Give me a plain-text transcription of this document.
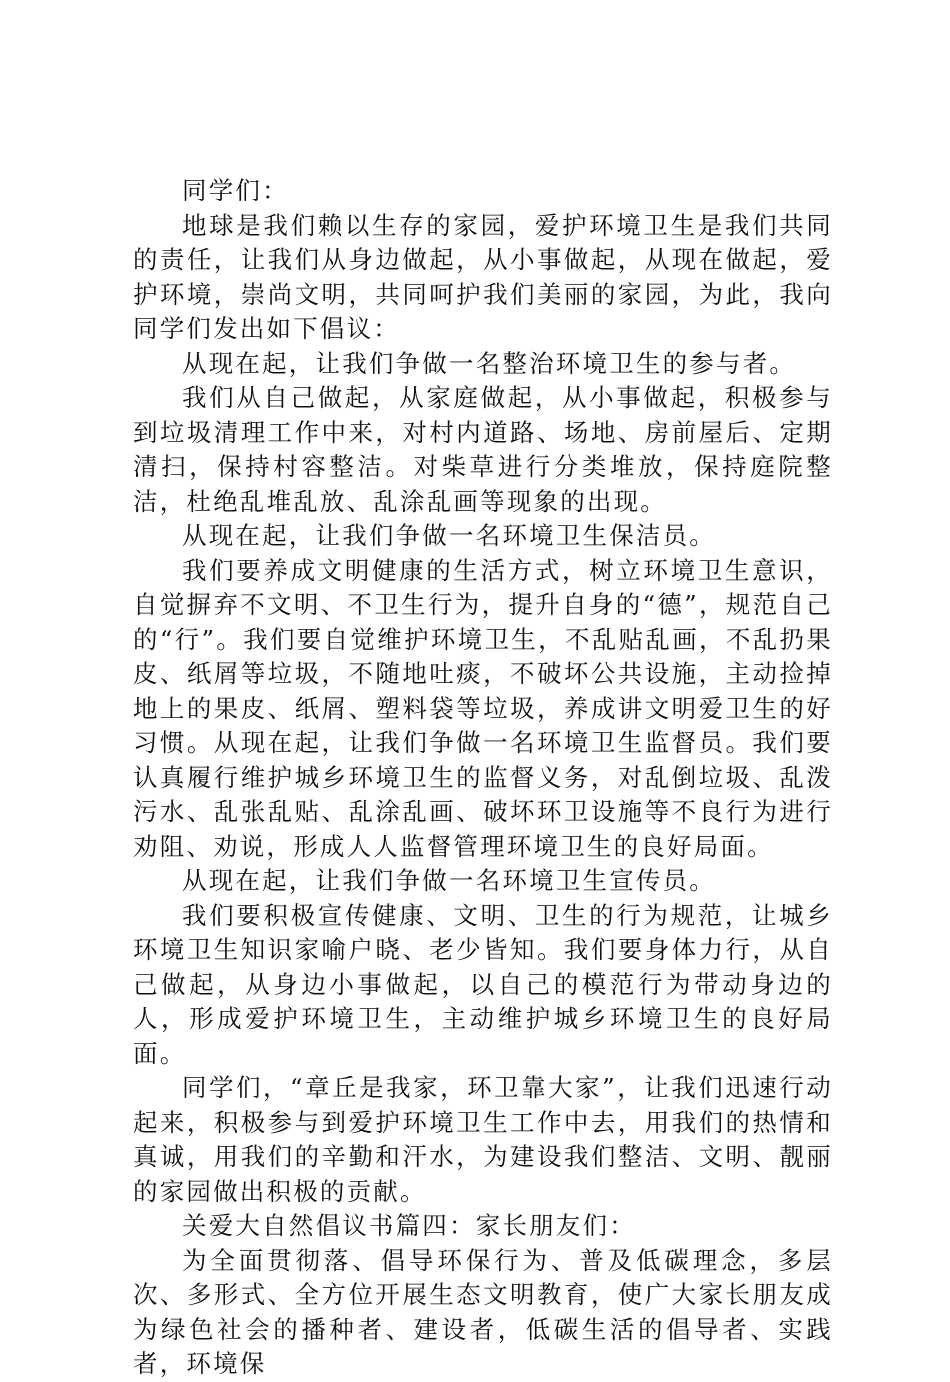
同学们：

地球是我们赖以生存的家园，爱护环境卫生是我们共同的责任，让我们从身边做起，从小事做起，从现在做起，爱护环境，崇尚文明，共同呵护我们美丽的家园，为此，我向同学们发出如下倡议：

从现在起，让我们争做一名整治环境卫生的参与者。

我们从自己做起，从家庭做起，从小事做起，积极参与到垃圾清理工作中来，对村内道路、场地、房前屋后、定期清扫，保持村容整洁。对柴草进行分类堆放，保持庭院整洁，杜绝乱堆乱放、乱涂乱画等现象的出现。

从现在起，让我们争做一名环境卫生保洁员。

我们要养成文明健康的生活方式，树立环境卫生意识，自觉摒弃不文明、不卫生行为，提升自身的“德”，规范自己的“行”。我们要自觉维护环境卫生，不乱贴乱画，不乱扔果皮、纸屑等垃圾，不随地吐痰，不破坏公共设施，主动捡掉地上的果皮、纸屑、塑料袋等垃圾，养成讲文明爱卫生的好习惯。从现在起，让我们争做一名环境卫生监督员。我们要认真履行维护城乡环境卫生的监督义务，对乱倒垃圾、乱泼污水、乱张乱贴、乱涂乱画、破坏环卫设施等不良行为进行劝阻、劝说，形成人人监督管理环境卫生的良好局面。

从现在起，让我们争做一名环境卫生宣传员。

我们要积极宣传健康、文明、卫生的行为规范，让城乡环境卫生知识家喻户晓、老少皆知。我们要身体力行，从自己做起，从身边小事做起，以自己的模范行为带动身边的人，形成爱护环境卫生，主动维护城乡环境卫生的良好局面。

同学们，“章丘是我家，环卫靠大家”，让我们迅速行动起来，积极参与到爱护环境卫生工作中去，用我们的热情和真诚，用我们的辛勤和汗水，为建设我们整洁、文明、靓丽的家园做出积极的贡献。

关爱大自然倡议书篇四：家长朋友们：

为全面贯彻落、倡导环保行为、普及低碳理念，多层次、多形式、全方位开展生态文明教育，使广大家长朋友成为绿色社会的播种者、建设者，低碳生活的倡导者、实践者，环境保
